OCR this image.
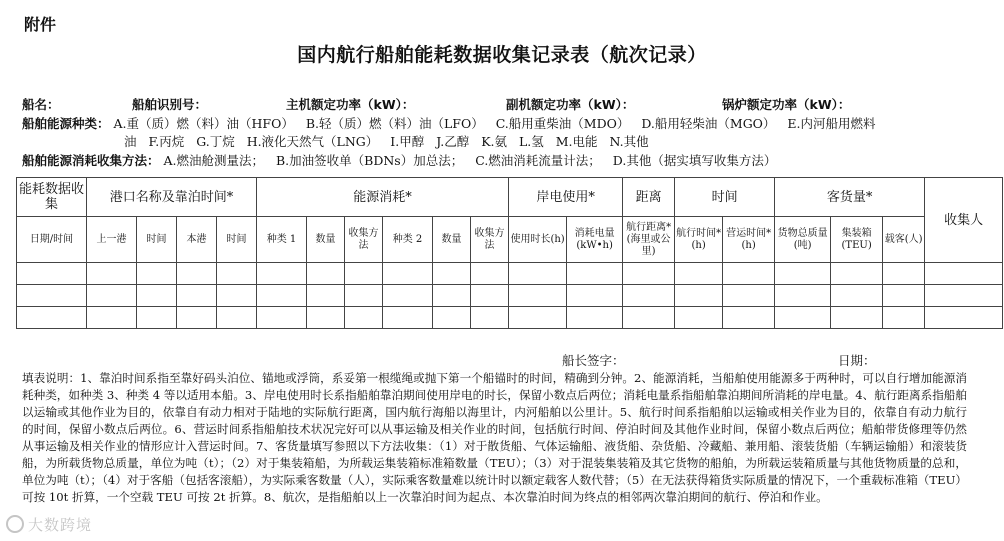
附件
国内航行船舶能耗数据收集记录表（航次记录）
船名：	船舶识别号：	主机额定功率（kW）：	副机额定功率（kW）：	锅炉额定功率（kW）：
船舶能源种类： A.重（质）燃（料）油（HFO） B.轻（质）燃（料）油（LFO） C.船用重柴油（MDO） D.船用轻柴油（MGO） E.内河船用燃料
油 F.丙烷 G.丁烷 H.液化天然气（LNG） I.甲醇 J.乙醇 K.氨 L.氢 M.电能 N.其他
船舶能源消耗收集方法： A.燃油舱测量法； B.加油签收单（BDNs）加总法； C.燃油消耗流量计法； D.其他（据实填写收集方法）
能耗数据收集	港口名称及靠泊时间*				能源消耗*						岸电使用*		距离	时间		客货量*			收集人
日期/时间	上一港	时间	本港	时间	种类 1	数量	收集方法	种类 2	数量	收集方法	使用时长(h)	消耗电量 (kW•h)	航行距离* (海里或公里)	航行时间* (h)	营运时间* (h)	货物总质量(吨)	集装箱(TEU)	载客(人)	

船长签字：	日期：
填表说明：1、靠泊时间系指至靠好码头泊位、锚地或浮筒，系妥第一根缆绳或抛下第一个船锚时的时间，精确到分钟。2、能源消耗，当船舶使用能源多于两种时，可以自行增加能源消耗种类，如种类 3、种类 4 等以适用本船。3、岸电使用时长系指船舶靠泊期间使用岸电的时长，保留小数点后两位；消耗电量系指船舶靠泊期间所消耗的岸电量。4、航行距离系指船舶以运输或其他作业为目的，依靠自有动力相对于陆地的实际航行距离，国内航行海船以海里计，内河船舶以公里计。5、航行时间系指船舶以运输或相关作业为目的，依靠自有动力航行的时间，保留小数点后两位。6、营运时间系指船舶技术状况完好可以从事运输及相关作业的时间，包括航行时间、停泊时间及其他作业时间，保留小数点后两位；船舶带货修理等仍然从事运输及相关作业的情形应计入营运时间。7、客货量填写参照以下方法收集：（1）对于散货船、气体运输船、液货船、杂货船、冷藏船、兼用船、滚装货船（车辆运输船）和滚装货船，为所载货物总质量，单位为吨（t）；（2）对于集装箱船，为所载运集装箱标准箱数量（TEU）；（3）对于混装集装箱及其它货物的船舶，为所载运装箱质量与其他货物质量的总和，单位为吨（t）；（4）对于客船（包括客滚船），为实际乘客数量（人），实际乘客数量难以统计时以额定载客人数代替；（5）在无法获得箱货实际质量的情况下，一个重载标准箱（TEU）可按 10t 折算，一个空载 TEU 可按 2t 折算。8、航次，是指船舶以上一次靠泊时间为起点、本次靠泊时间为终点的相邻两次靠泊期间的航行、停泊和作业。
大数跨境
